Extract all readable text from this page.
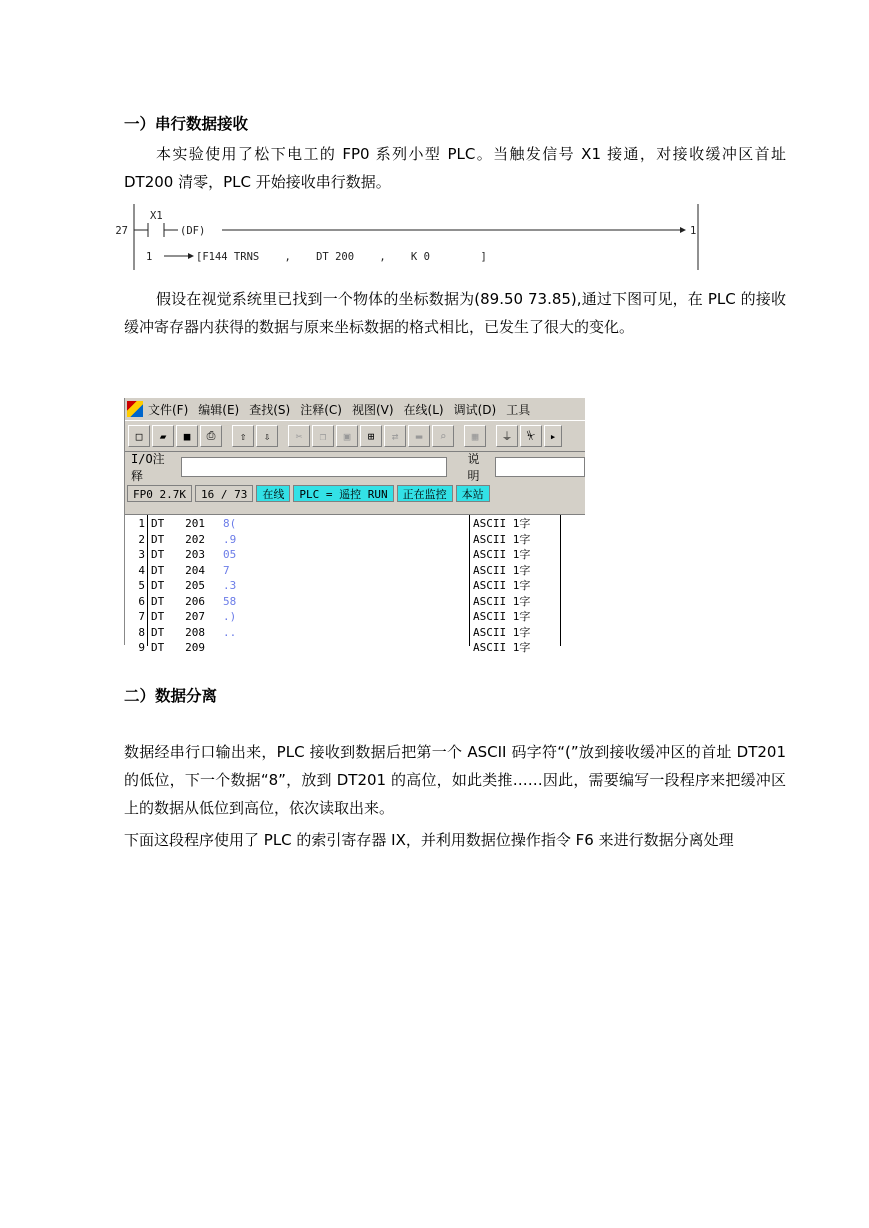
一）串行数据接收

本实验使用了松下电工的 FP0 系列小型 PLC。当触发信号 X1 接通，对接收缓冲区首址 DT200 清零，PLC 开始接收串行数据。

27
X1
(DF)	1
1	[F144 TRNS    ,    DT 200    ,    K 0        ]

假设在视觉系统里已找到一个物体的坐标数据为(89.50 73.85),通过下图可见，在 PLC 的接收缓冲寄存器内获得的数据与原来坐标数据的格式相比，已发生了很大的变化。

文件(F) 编辑(E) 查找(S) 注释(C) 视图(V) 在线(L) 调试(D) 工具
□	▰	■	⎙	⇧	⇩	✂	❐	▣	⊞	⇄	▬	⌕	▦	⏚	⏧	▸
I/O注释
说明
FP0 2.7K	16 / 73	在线	PLC = 遥控 RUN	正在监控	本站
1 DT	201 8(	ASCII 1字
2 DT	202 .9	ASCII 1字
3 DT	203 05	ASCII 1字
4 DT	204 7	ASCII 1字
5 DT	205 .3	ASCII 1字
6 DT	206 58	ASCII 1字
7 DT	207 .)	ASCII 1字
8 DT	208 ..	ASCII 1字
9 DT	209	ASCII 1字
二）数据分离

数据经串行口输出来，PLC 接收到数据后把第一个 ASCII 码字符“(”放到接收缓冲区的首址 DT201 的低位，下一个数据“8”，放到 DT201 的高位，如此类推……因此，需要编写一段程序来把缓冲区上的数据从低位到高位，依次读取出来。

下面这段程序使用了 PLC 的索引寄存器 IX，并利用数据位操作指令 F6 来进行数据分离处理
